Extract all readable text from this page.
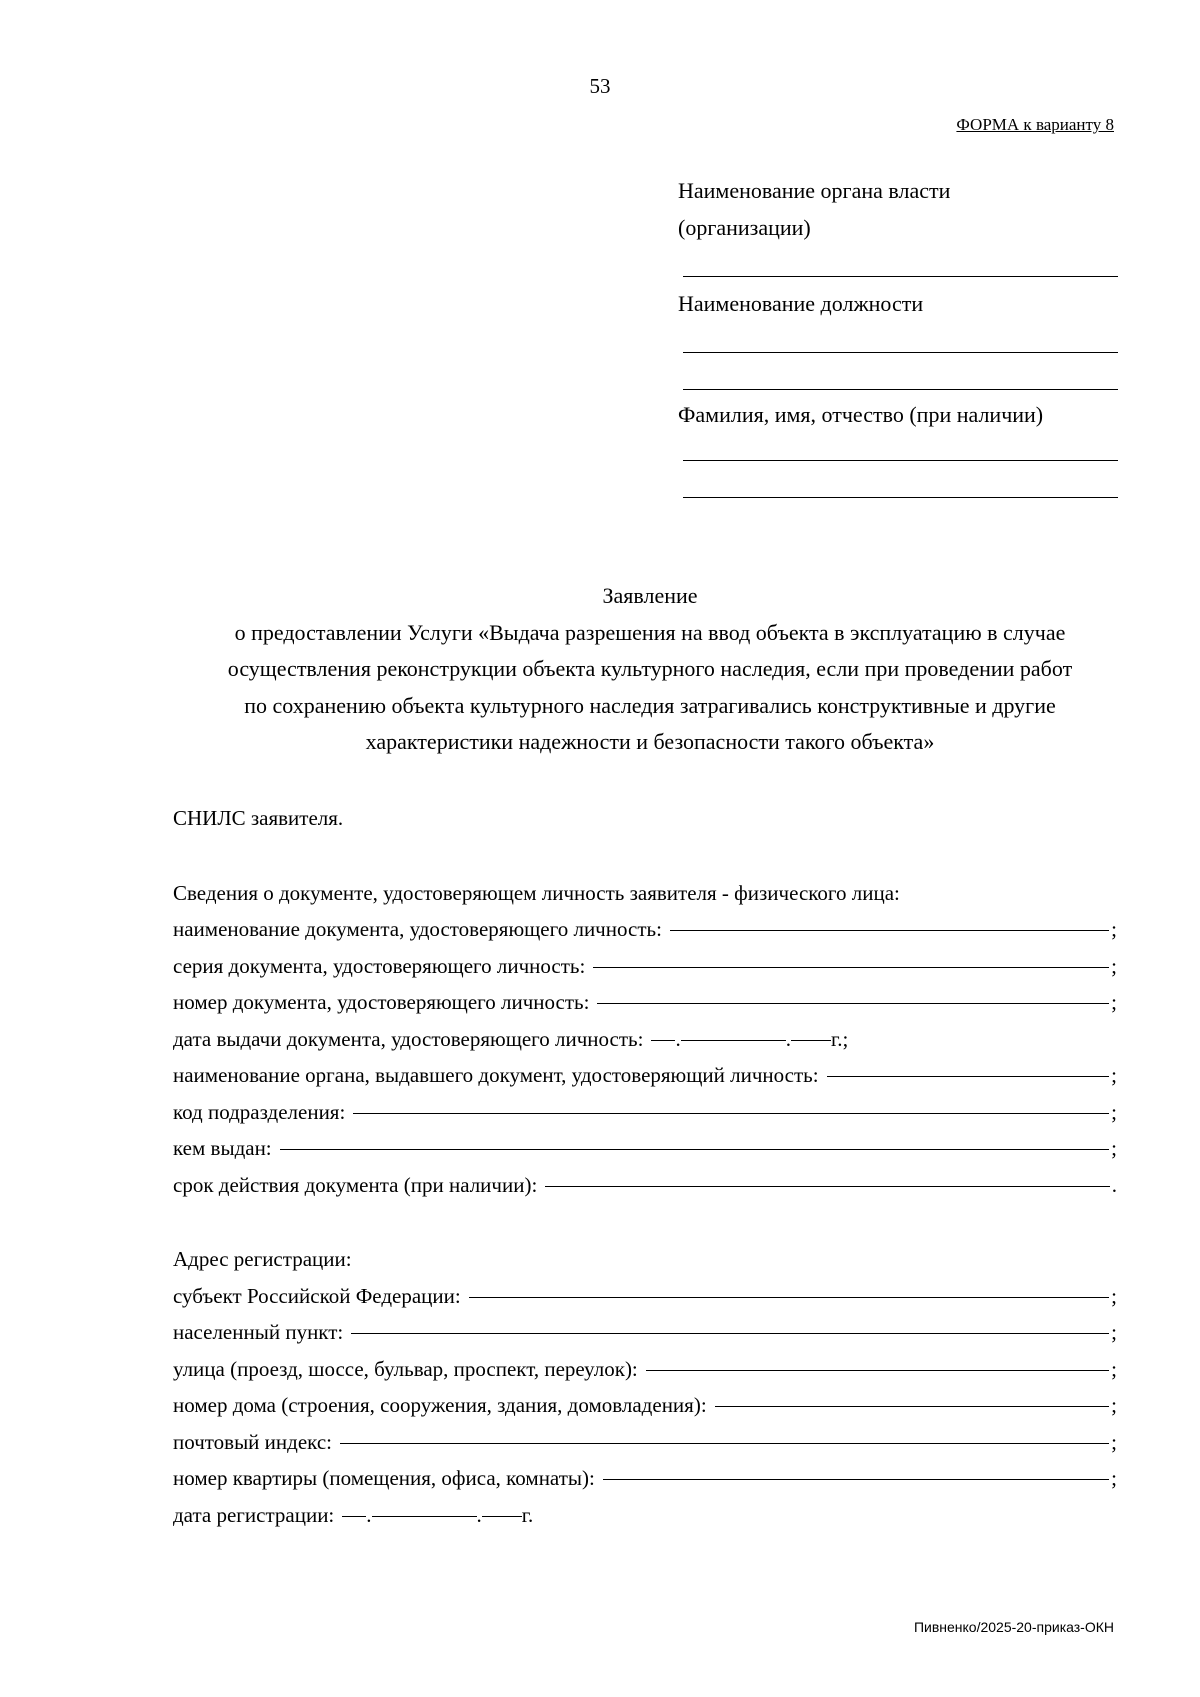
53
ФОРМА к варианту 8
Наименование органа власти
(организации)
Наименование должности
Фамилия, имя, отчество (при наличии)
Заявление
о предоставлении Услуги «Выдача разрешения на ввод объекта в эксплуатацию в случае
осуществления реконструкции объекта культурного наследия, если при проведении работ
по сохранению объекта культурного наследия затрагивались конструктивные и другие
характеристики надежности и безопасности такого объекта»
СНИЛС заявителя.
Сведения о документе, удостоверяющем личность заявителя - физического лица:
наименование документа, удостоверяющего личность:	;
серия документа, удостоверяющего личность:	;
номер документа, удостоверяющего личность:	;
дата выдачи документа, удостоверяющего личность: .	. г.;
наименование органа, выдавшего документ, удостоверяющий личность:	;
код подразделения:	;
кем выдан:	;
срок действия документа (при наличии):	.
Адрес регистрации:
субъект Российской Федерации:	;
населенный пункт:	;
улица (проезд, шоссе, бульвар, проспект, переулок):	;
номер дома (строения, сооружения, здания, домовладения):	;
почтовый индекс:	;
номер квартиры (помещения, офиса, комнаты):	;
дата регистрации: .	. г.
Пивненко/2025-20-приказ-ОКН
